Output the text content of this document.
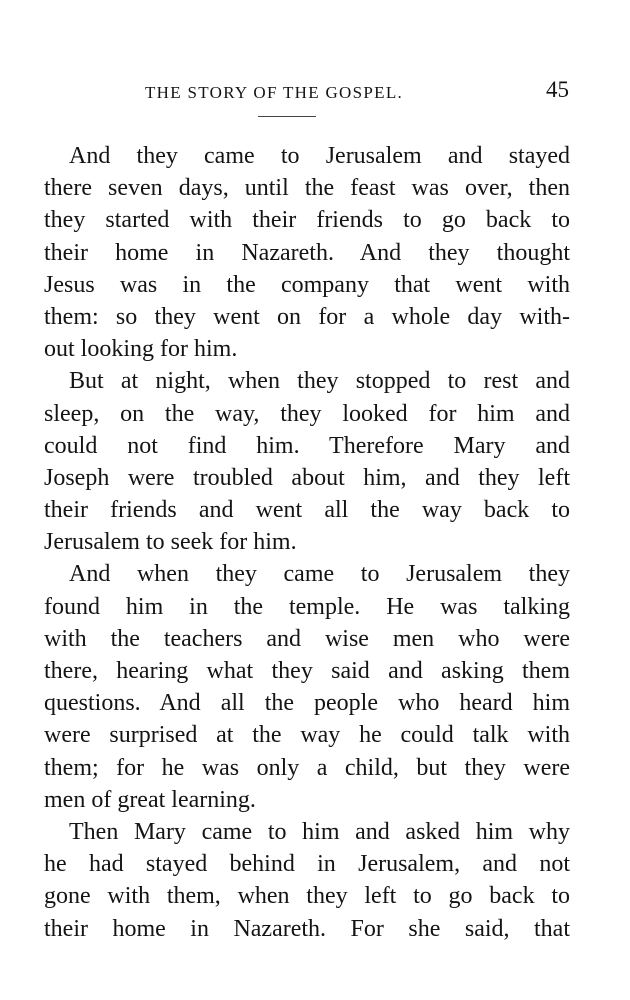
THE STORY OF THE GOSPEL.	45
And they came to Jerusalem and stayed
there seven days, until the feast was over, then
they started with their friends to go back to
their home in Nazareth. And they thought
Jesus was in the company that went with
them: so they went on for a whole day with-
out looking for him.
But at night, when they stopped to rest and
sleep, on the way, they looked for him and
could not find him. Therefore Mary and
Joseph were troubled about him, and they left
their friends and went all the way back to
Jerusalem to seek for him.
And when they came to Jerusalem they
found him in the temple. He was talking
with the teachers and wise men who were
there, hearing what they said and asking them
questions. And all the people who heard him
were surprised at the way he could talk with
them; for he was only a child, but they were
men of great learning.
Then Mary came to him and asked him why
he had stayed behind in Jerusalem, and not
gone with them, when they left to go back to
their home in Nazareth. For she said, that
